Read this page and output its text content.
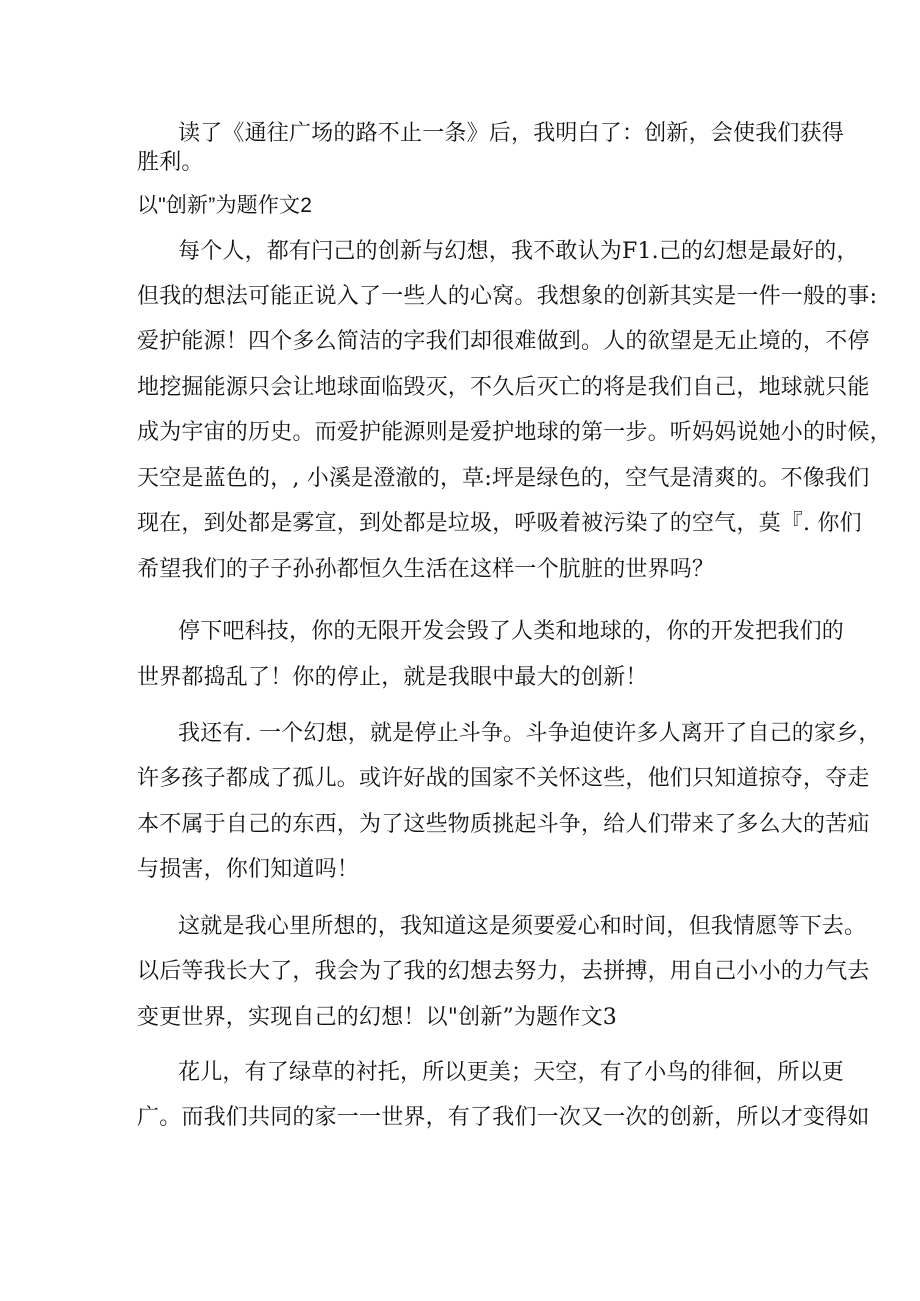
读了《通往广场的路不止一条》后，我明白了：创新，会使我们获得
胜利。
以"创新”为题作文2
每个人，都有闩己的创新与幻想，我不敢认为F1.己的幻想是最好的，
但我的想法可能正说入了一些人的心窝。我想象的创新其实是一件一般的事:
爱护能源！四个多么简洁的字我们却很难做到。人的欲望是无止境的，不停
地挖掘能源只会让地球面临毁灭，不久后灭亡的将是我们自己，地球就只能
成为宇宙的历史。而爱护能源则是爱护地球的第一步。听妈妈说她小的时候，
天空是蓝色的，, 小溪是澄澈的，草:坪是绿色的，空气是清爽的。不像我们
现在，到处都是雾宣，到处都是垃圾，呼吸着被污染了的空气，莫『. 你们
希望我们的子子孙孙都恒久生活在这样一个肮脏的世界吗？
停下吧科技，你的无限开发会毁了人类和地球的，你的开发把我们的
世界都捣乱了！你的停止，就是我眼中最大的创新！
我还有. 一个幻想，就是停止斗争。斗争迫使许多人离开了自己的家乡，
许多孩子都成了孤儿。或许好战的国家不关怀这些，他们只知道掠夺，夺走
本不属于自己的东西，为了这些物质挑起斗争，给人们带来了多么大的苦疝
与损害，你们知道吗！
这就是我心里所想的，我知道这是须要爱心和时间，但我情愿等下去。
以后等我长大了，我会为了我的幻想去努力，去拼搏，用自己小小的力气去
变更世界，实现自己的幻想！以"创新”为题作文3
花儿，有了绿草的衬托，所以更美；天空，有了小鸟的徘徊，所以更
广。而我们共同的家一一世界，有了我们一次又一次的创新，所以才变得如
